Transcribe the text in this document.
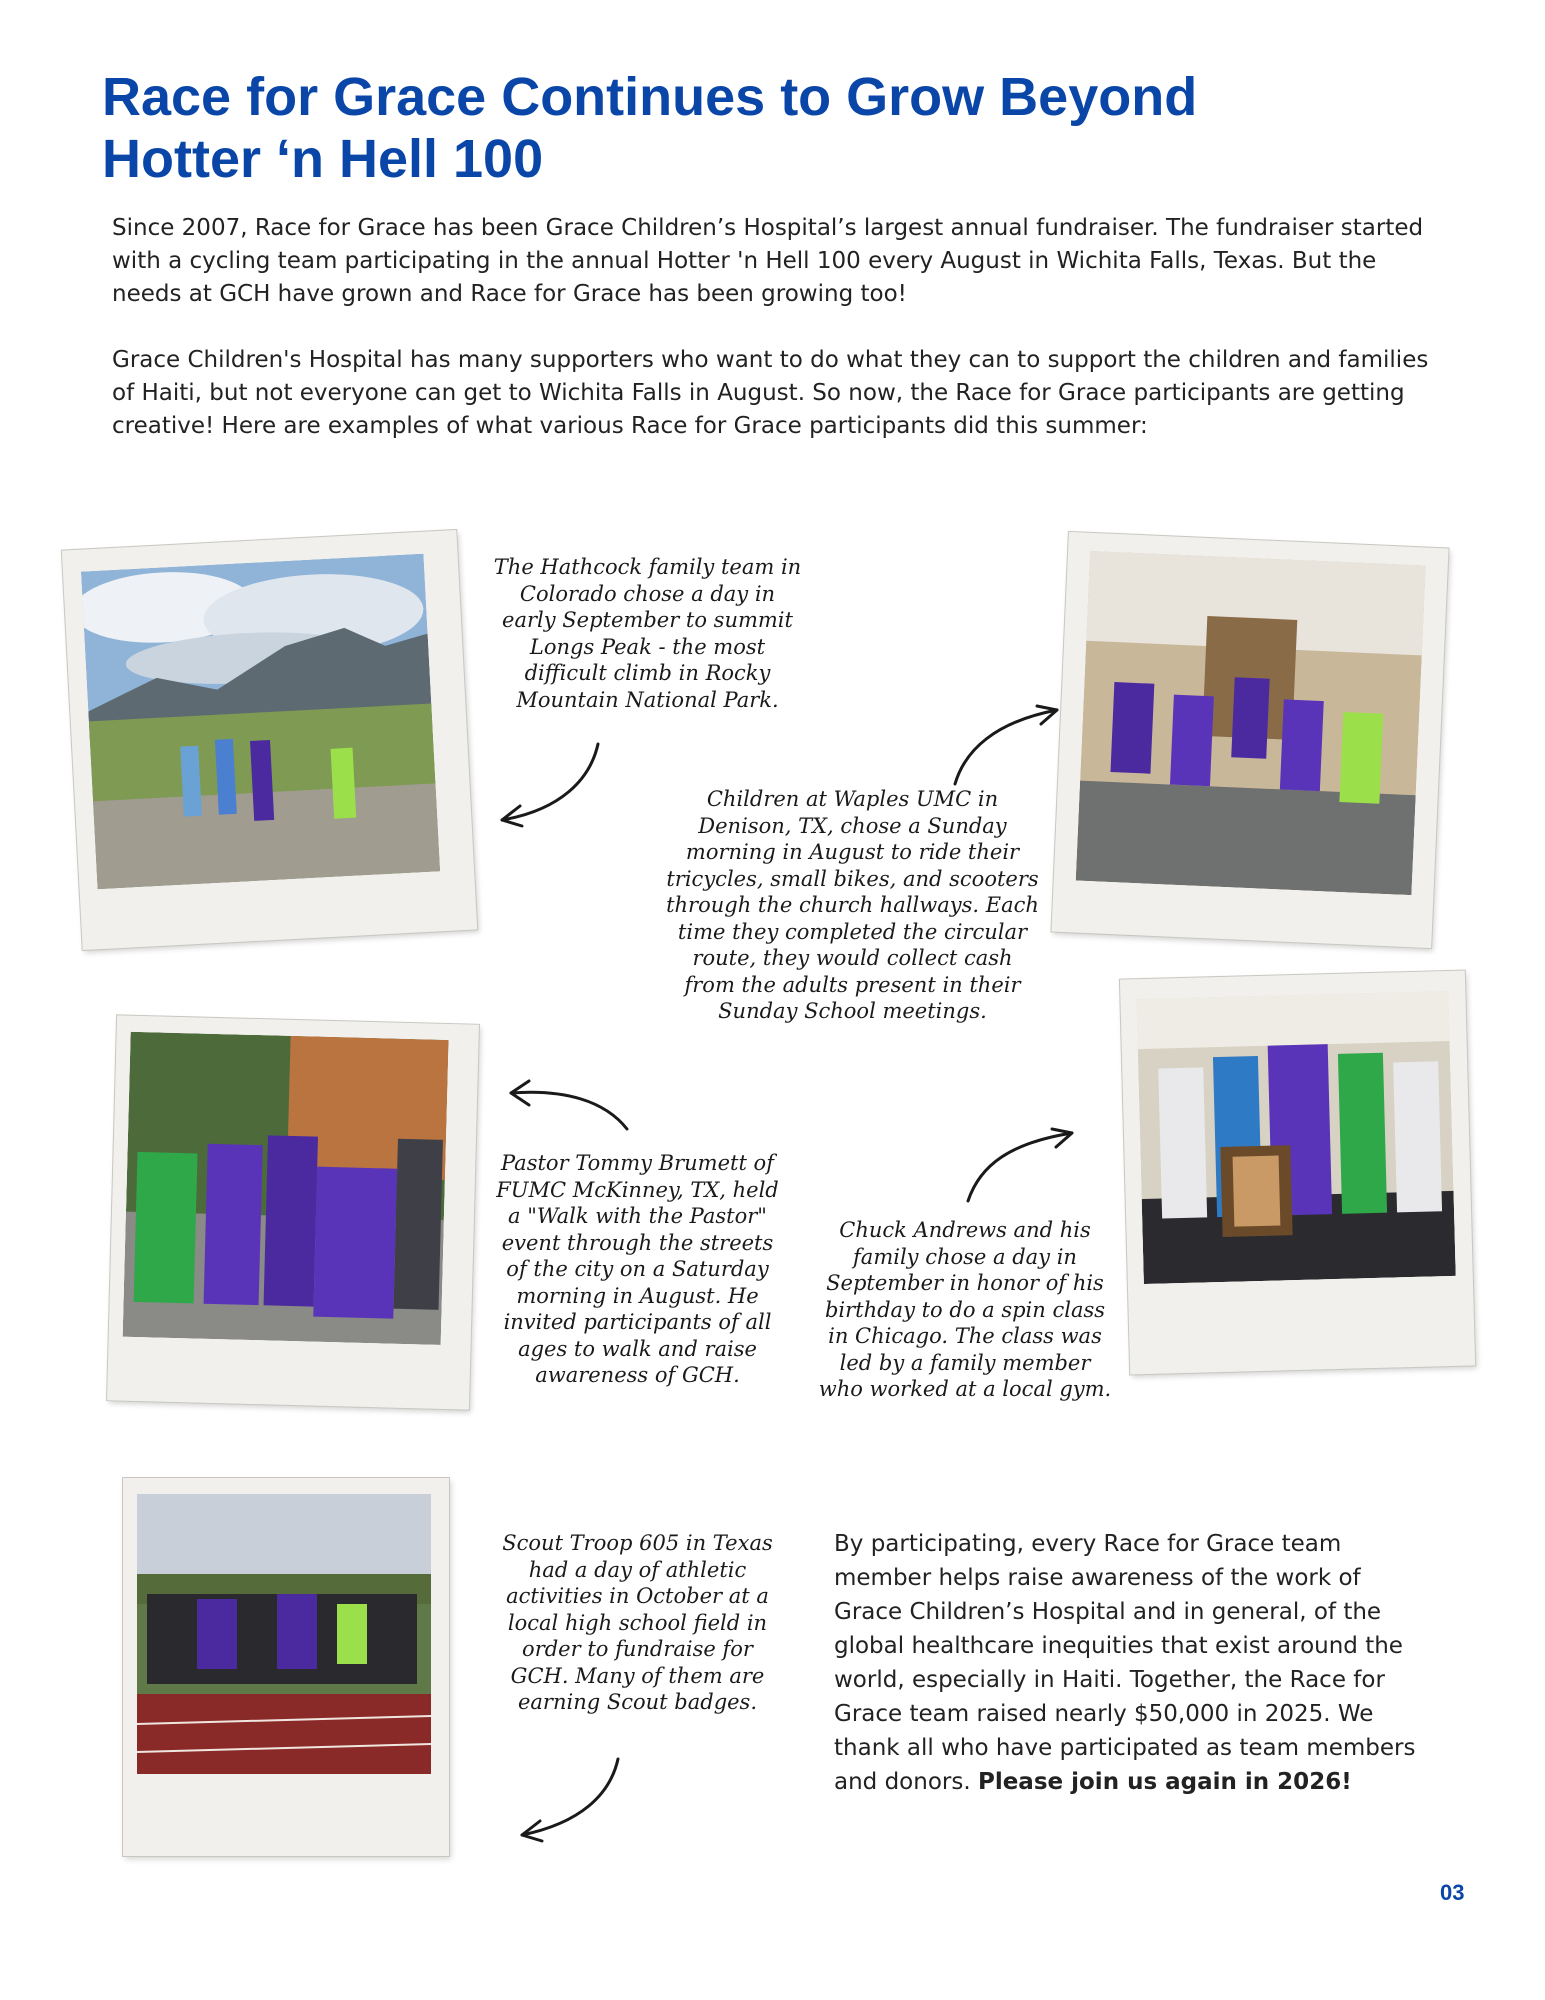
Race for Grace Continues to Grow Beyond
Hotter ‘n Hell 100

Since 2007, Race for Grace has been Grace Children’s Hospital’s largest annual fundraiser. The fundraiser started with a cycling team participating in the annual Hotter 'n Hell 100 every August in Wichita Falls, Texas. But the needs at GCH have grown and Race for Grace has been growing too!

Grace Children's Hospital has many supporters who want to do what they can to support the children and families of Haiti, but not everyone can get to Wichita Falls in August. So now, the Race for Grace participants are getting creative! Here are examples of what various Race for Grace participants did this summer:

The Hathcock family team in Colorado chose a day in early September to summit Longs Peak - the most difficult climb in Rocky Mountain National Park.
Children at Waples UMC in Denison, TX, chose a Sunday morning in August to ride their tricycles, small bikes, and scooters through the church hallways. Each time they completed the circular route, they would collect cash from the adults present in their Sunday School meetings.
Pastor Tommy Brumett of FUMC McKinney, TX, held a "Walk with the Pastor" event through the streets of the city on a Saturday morning in August. He invited participants of all ages to walk and raise awareness of GCH.
Chuck Andrews and his family chose a day in September in honor of his birthday to do a spin class in Chicago. The class was led by a family member who worked at a local gym.
Scout Troop 605 in Texas had a day of athletic activities in October at a local high school field in order to fundraise for GCH. Many of them are earning Scout badges.
By participating, every Race for Grace team member helps raise awareness of the work of Grace Children’s Hospital and in general, of the global healthcare inequities that exist around the world, especially in Haiti. Together, the Race for Grace team raised nearly $50,000 in 2025. We thank all who have participated as team members and donors. Please join us again in 2026!
03
